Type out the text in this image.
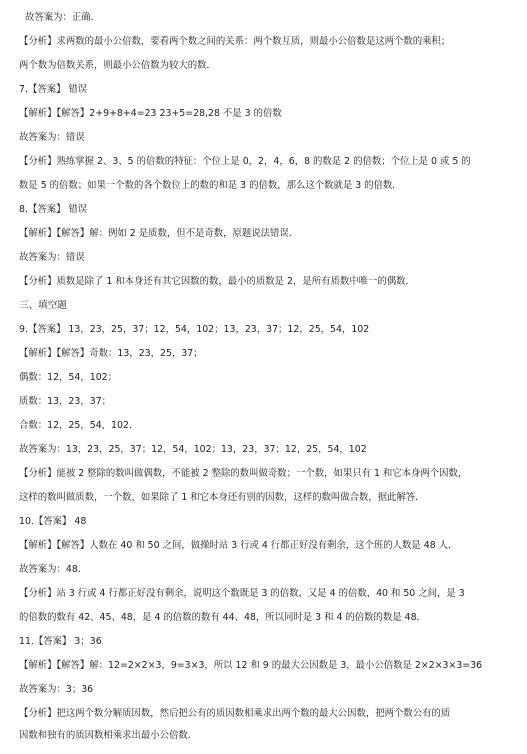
故答案为：正确．
【分析】求两数的最小公倍数，要看两个数之间的关系：两个数互质，则最小公倍数是这两个数的乘积；
两个数为倍数关系，则最小公倍数为较大的数．
7.【答案】 错误
【解析】【解答】2+9+8+4=23 23+5=28,28 不是 3 的倍数
故答案为：错误
【分析】熟练掌握 2、3、5 的倍数的特征：个位上是 0，2，4，6，8 的数是 2 的倍数；个位上是 0 或 5 的
数是 5 的倍数；如果一个数的各个数位上的数的和是 3 的倍数，那么这个数就是 3 的倍数．
8.【答案】 错误
【解析】【解答】解：例如 2 是质数，但不是奇数，原题说法错误．
故答案为：错误
【分析】质数是除了 1 和本身还有其它因数的数，最小的质数是 2，是所有质数中唯一的偶数．
三、填空题
9.【答案】 13，23，25，37；12，54，102；13，23，37；12，25，54，102
【解析】【解答】奇数：13，23，25，37；
偶数：12，54，102；
质数：13，23，37；
合数：12，25，54，102.
故答案为：13，23，25，37；12，54，102；13，23，37；12，25，54，102
【分析】能被 2 整除的数叫做偶数，不能被 2 整除的数叫做奇数；一个数，如果只有 1 和它本身两个因数，
这样的数叫做质数，一个数，如果除了 1 和它本身还有别的因数，这样的数叫做合数，据此解答．
10.【答案】 48
【解析】【解答】人数在 40 和 50 之间，做操时站 3 行或 4 行都正好没有剩余，这个班的人数是 48 人．
故答案为：48．
【分析】站 3 行或 4 行都正好没有剩余，说明这个数既是 3 的倍数，又是 4 的倍数，40 和 50 之间，是 3
的倍数的数有 42、45、48，是 4 的倍数的数有 44、48，所以同时是 3 和 4 的倍数的数是 48．
11.【答案】 3；36
【解析】【解答】解：12=2×2×3，9=3×3，所以 12 和 9 的最大公因数是 3，最小公倍数是 2×2×3×3=36
故答案为：3；36
【分析】把这两个数分解质因数，然后把公有的质因数相乘求出两个数的最大公因数，把两个数公有的质
因数和独有的质因数相乘求出最小公倍数．
